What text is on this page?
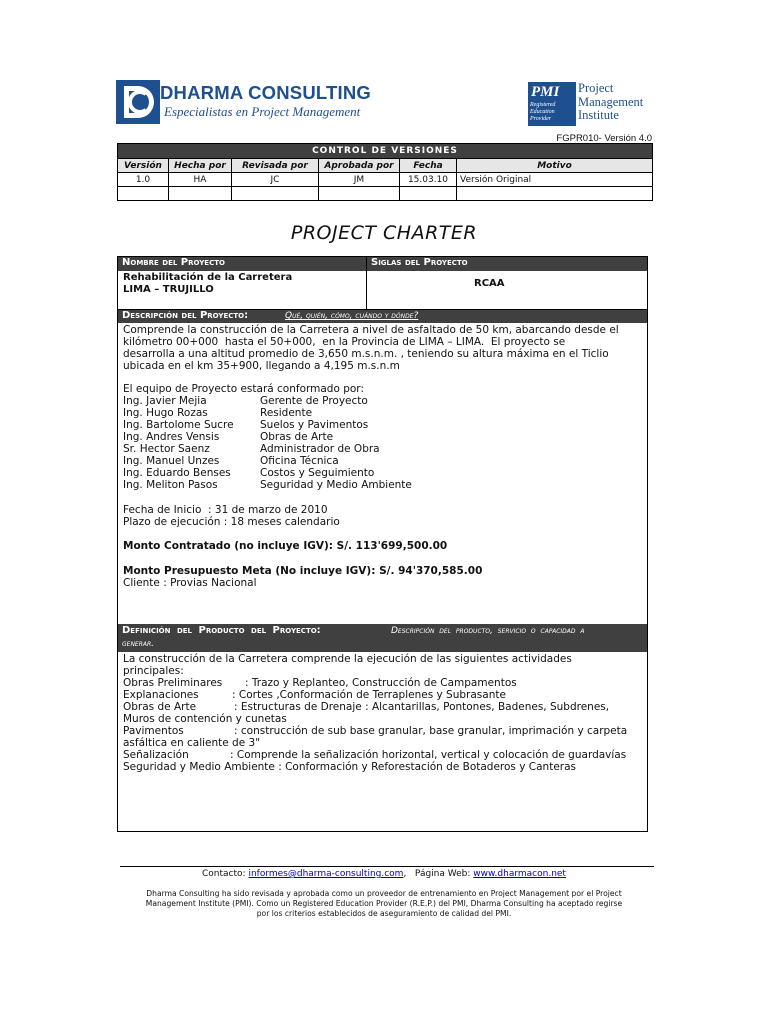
DHARMA CONSULTING
Especialistas en Project Management
PMI
Registered
Education
Provider
Project
Management
Institute
FGPR010- Versión 4.0
CONTROL DE VERSIONES					
Versión	Hecha por	Revisada por	Aprobada por	Fecha	Motivo
1.0	HA	JC	JM	15.03.10	Versión Original

PROJECT CHARTER
Nombre del Proyecto	Siglas del Proyecto
Rehabilitación de la Carretera
LIMA – TRUJILLO
RCAA
Descripción del Proyecto:	Qué, quién, cómo, cuándo y dónde?
Comprende la construcción de la Carretera a nivel de asfaltado de 50 km, abarcando desde el
kilómetro 00+000  hasta el 50+000,  en la Provincia de LIMA – LIMA.  El proyecto se
desarrolla a una altitud promedio de 3,650 m.s.n.m. , teniendo su altura máxima en el Ticlio
ubicada en el km 35+900, llegando a 4,195 m.s.n.m
El equipo de Proyecto estará conformado por:
Ing. Javier Mejia	Gerente de Proyecto
Ing. Hugo Rozas	Residente
Ing. Bartolome Sucre	Suelos y Pavimentos
Ing. Andres Vensis	Obras de Arte
Sr. Hector Saenz	Administrador de Obra
Ing. Manuel Unzes	Oficina Técnica
Ing. Eduardo Benses	Costos y Seguimiento
Ing. Meliton Pasos	Seguridad y Medio Ambiente
Fecha de Inicio  : 31 de marzo de 2010
Plazo de ejecución : 18 meses calendario
Monto Contratado (no incluye IGV): S/. 113'699,500.00
Monto Presupuesto Meta (No incluye IGV): S/. 94'370,585.00
Cliente : Provias Nacional
Definición del Producto del Proyecto:	Descripción del producto, servicio o capacidad a
generar.
La construcción de la Carretera comprende la ejecución de las siguientes actividades
principales:
Obras Preliminares : Trazo y Replanteo, Construcción de Campamentos
Explanaciones	: Cortes ,Conformación de Terraplenes y Subrasante
Obras de Arte	: Estructuras de Drenaje : Alcantarillas, Pontones, Badenes, Subdrenes,
Muros de contención y cunetas
Pavimentos	: construcción de sub base granular, base granular, imprimación y carpeta
asfáltica en caliente de 3"
Señalización	: Comprende la señalización horizontal, vertical y colocación de guardavías
Seguridad y Medio Ambiente : Conformación y Reforestación de Botaderos y Canteras
Contacto: informes@dharma-consulting.com, Página Web: www.dharmacon.net
Dharma Consulting ha sido revisada y aprobada como un proveedor de entrenamiento en Project Management por el Project
Management Institute (PMI). Como un Registered Education Provider (R.E.P.) del PMI, Dharma Consulting ha aceptado regirse
por los criterios establecidos de aseguramiento de calidad del PMI.
